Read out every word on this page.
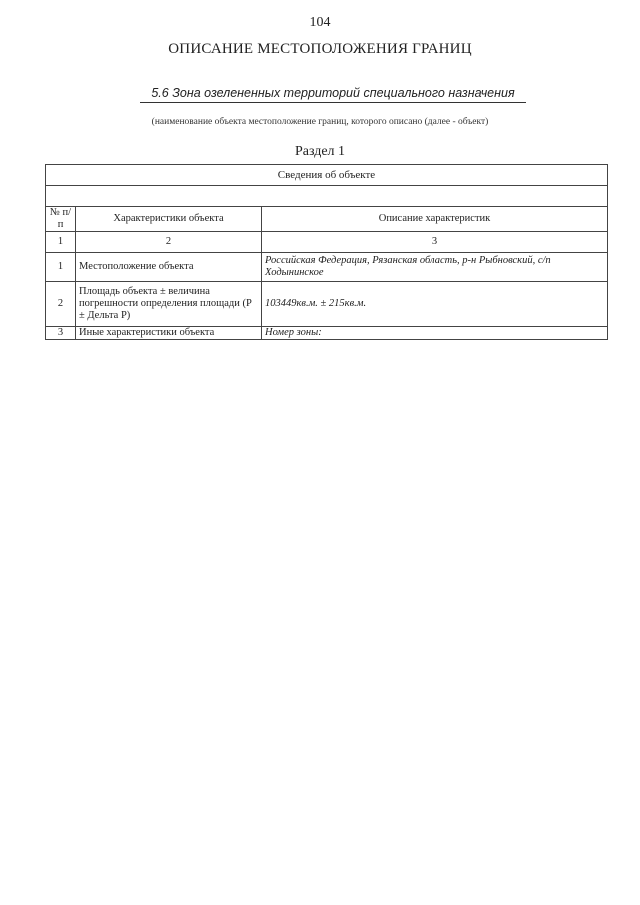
104
ОПИСАНИЕ МЕСТОПОЛОЖЕНИЯ ГРАНИЦ
5.6 Зона озелененных территорий специального назначения
(наименование объекта местоположение границ, которого описано (далее - объект)
Раздел 1
Сведения об объекте		

№ п/п	Характеристики объекта	Описание характеристик
1	2	3
1	Местоположение объекта	Российская Федерация, Рязанская область, р-н Рыбновский, с/п Ходынинское
2	Площадь объекта ± величина погрешности определения площади (Р ± Дельта Р)	103449кв.м. ± 215кв.м.
3	Иные характеристики объекта	Номер зоны:
